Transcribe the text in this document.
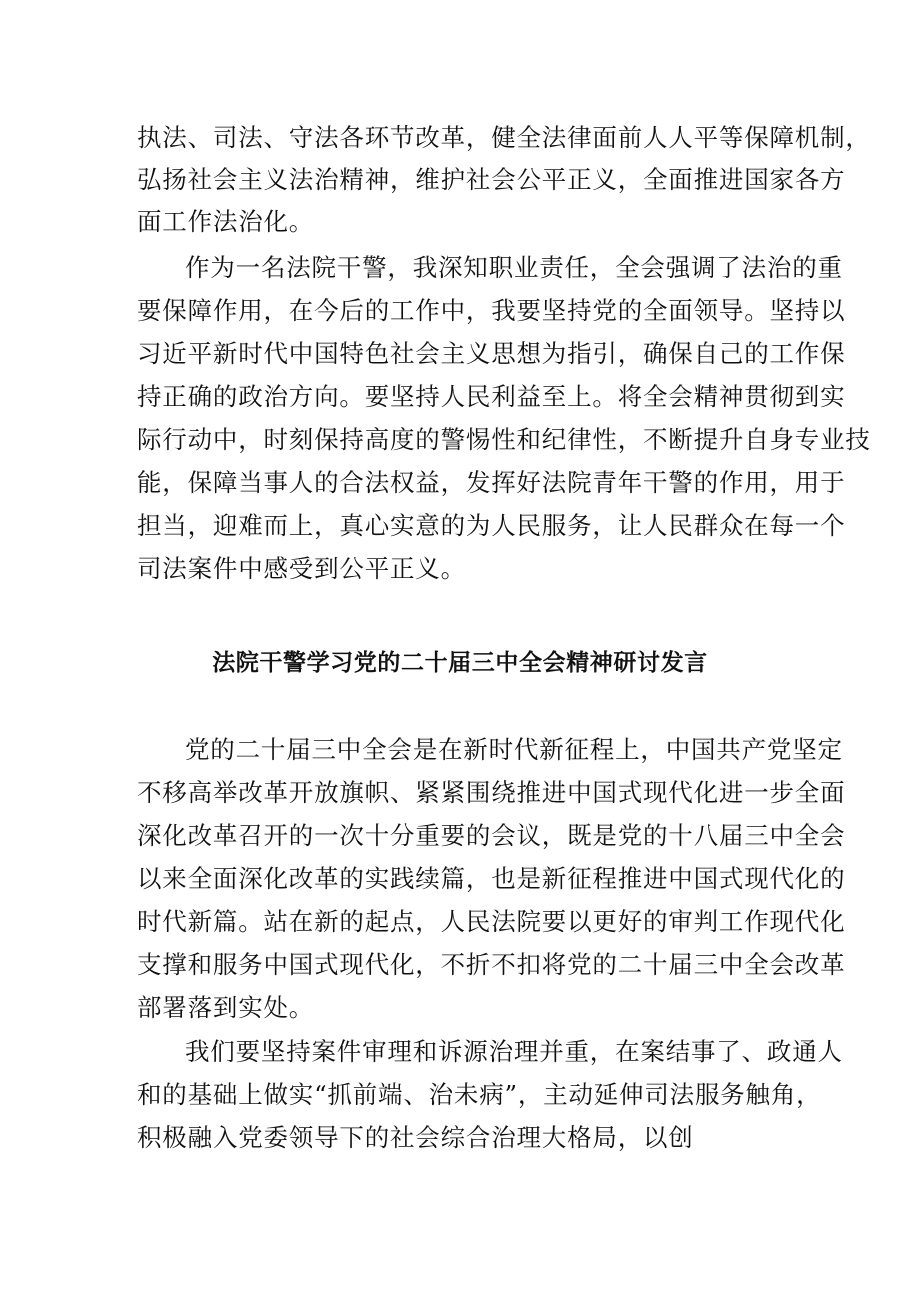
执法、司法、守法各环节改革，健全法律面前人人平等保障机制，
弘扬社会主义法治精神，维护社会公平正义，全面推进国家各方
面工作法治化。
作为一名法院干警，我深知职业责任，全会强调了法治的重
要保障作用，在今后的工作中，我要坚持党的全面领导。坚持以
习近平新时代中国特色社会主义思想为指引，确保自己的工作保
持正确的政治方向。要坚持人民利益至上。将全会精神贯彻到实
际行动中，时刻保持高度的警惕性和纪律性，不断提升自身专业技
能，保障当事人的合法权益，发挥好法院青年干警的作用，用于
担当，迎难而上，真心实意的为人民服务，让人民群众在每一个
司法案件中感受到公平正义。
法院干警学习党的二十届三中全会精神研讨发言
党的二十届三中全会是在新时代新征程上，中国共产党坚定
不移高举改革开放旗帜、紧紧围绕推进中国式现代化进一步全面
深化改革召开的一次十分重要的会议，既是党的十八届三中全会
以来全面深化改革的实践续篇，也是新征程推进中国式现代化的
时代新篇。站在新的起点，人民法院要以更好的审判工作现代化
支撑和服务中国式现代化，不折不扣将党的二十届三中全会改革
部署落到实处。
我们要坚持案件审理和诉源治理并重，在案结事了、政通人
和的基础上做实“抓前端、治未病”，主动延伸司法服务触角，
积极融入党委领导下的社会综合治理大格局，以创
